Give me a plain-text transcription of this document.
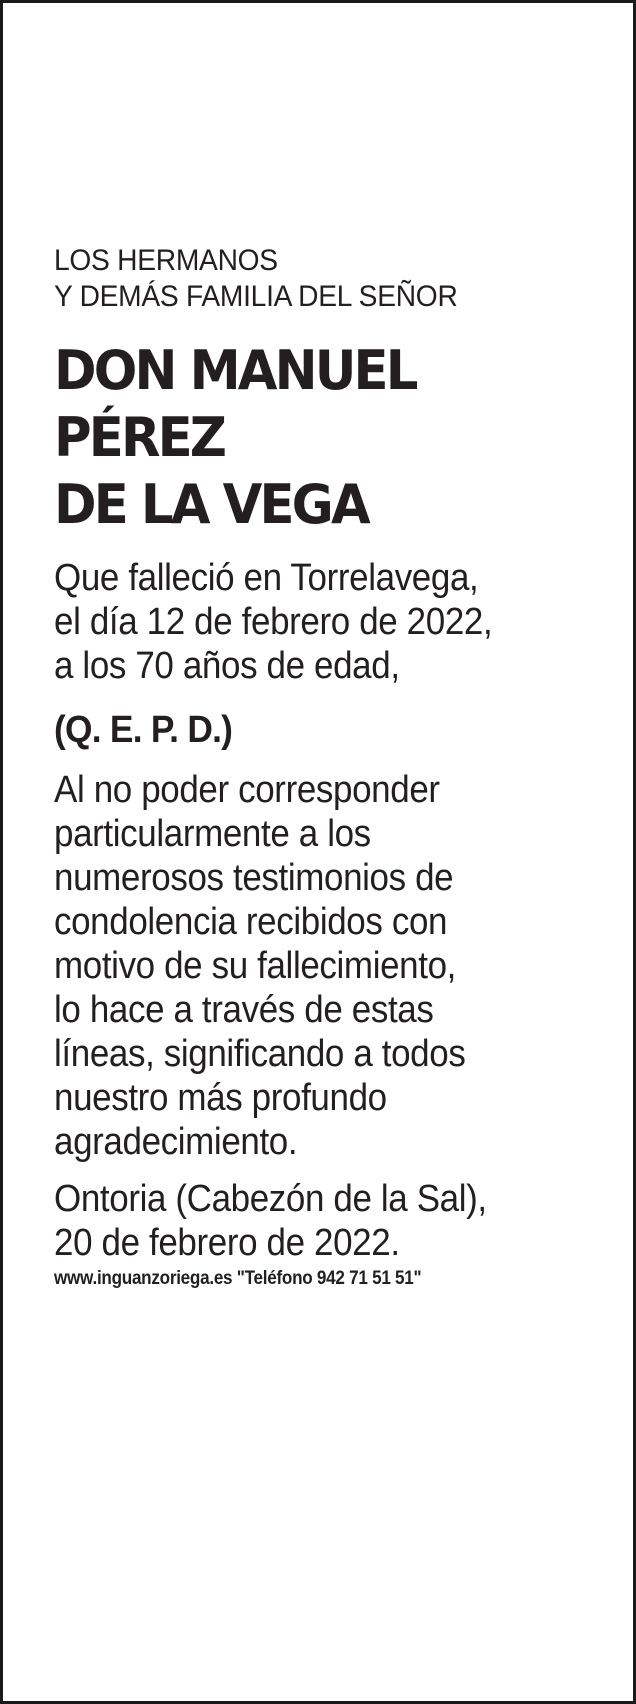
LOS HERMANOS
Y DEMÁS FAMILIA DEL SEÑOR
DON MANUEL
PÉREZ
DE LA VEGA
Que falleció en Torrelavega,
el día 12 de febrero de 2022,
a los 70 años de edad,
(Q. E. P. D.)
Al no poder corresponder
particularmente a los
numerosos testimonios de
condolencia recibidos con
motivo de su fallecimiento,
lo hace a través de estas
líneas, significando a todos
nuestro más profundo
agradecimiento.
Ontoria (Cabezón de la Sal),
20 de febrero de 2022.
www.inguanzoriega.es "Teléfono 942 71 51 51"
